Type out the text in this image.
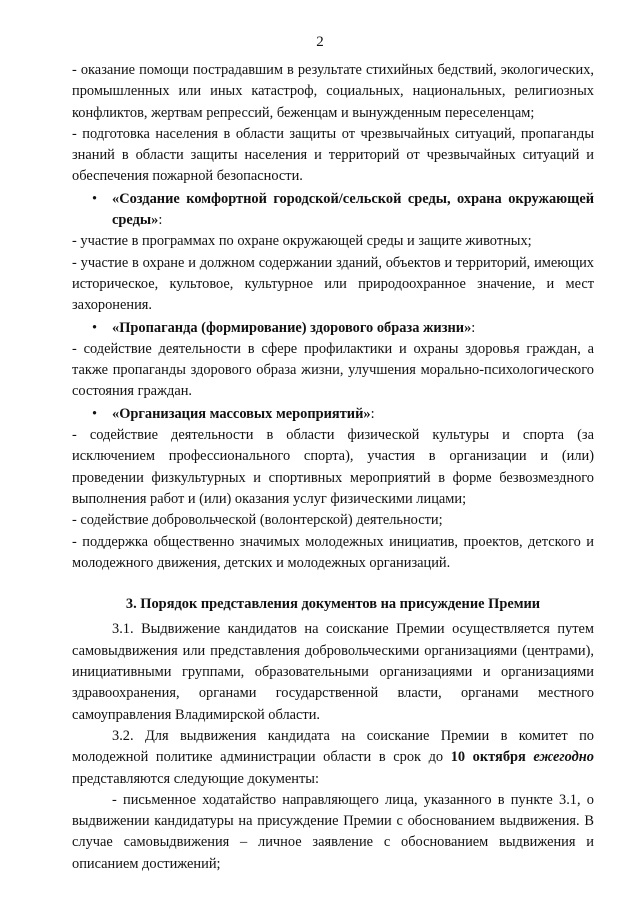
2

- оказание помощи пострадавшим в результате стихийных бедствий, экологических, промышленных или иных катастроф, социальных, национальных, религиозных конфликтов, жертвам репрессий, беженцам и вынужденным переселенцам;

- подготовка населения в области защиты от чрезвычайных ситуаций, пропаганды знаний в области защиты населения и территорий от чрезвычайных ситуаций и обеспечения пожарной безопасности.

• «Создание комфортной городской/сельской среды, охрана окружающей среды»:

- участие в программах по охране окружающей среды и защите животных;

- участие в охране и должном содержании зданий, объектов и территорий, имеющих историческое, культовое, культурное или природоохранное значение, и мест захоронения.

• «Пропаганда (формирование) здорового образа жизни»:

- содействие деятельности в сфере профилактики и охраны здоровья граждан, а также пропаганды здорового образа жизни, улучшения морально-психологического состояния граждан.

• «Организация массовых мероприятий»:

- содействие деятельности в области физической культуры и спорта (за исключением профессионального спорта), участия в организации и (или) проведении физкультурных и спортивных мероприятий в форме безвозмездного выполнения работ и (или) оказания услуг физическими лицами;

- содействие добровольческой (волонтерской) деятельности;

- поддержка общественно значимых молодежных инициатив, проектов, детского и молодежного движения, детских и молодежных организаций.

3. Порядок представления документов на присуждение Премии

3.1. Выдвижение кандидатов на соискание Премии осуществляется путем самовыдвижения или представления добровольческими организациями (центрами), инициативными группами, образовательными организациями и организациями здравоохранения, органами государственной власти, органами местного самоуправления Владимирской области.

3.2. Для выдвижения кандидата на соискание Премии в комитет по молодежной политике администрации области в срок до 10 октября ежегодно представляются следующие документы:

- письменное ходатайство направляющего лица, указанного в пункте 3.1, о выдвижении кандидатуры на присуждение Премии с обоснованием выдвижения. В случае самовыдвижения – личное заявление с обоснованием выдвижения и описанием достижений;
